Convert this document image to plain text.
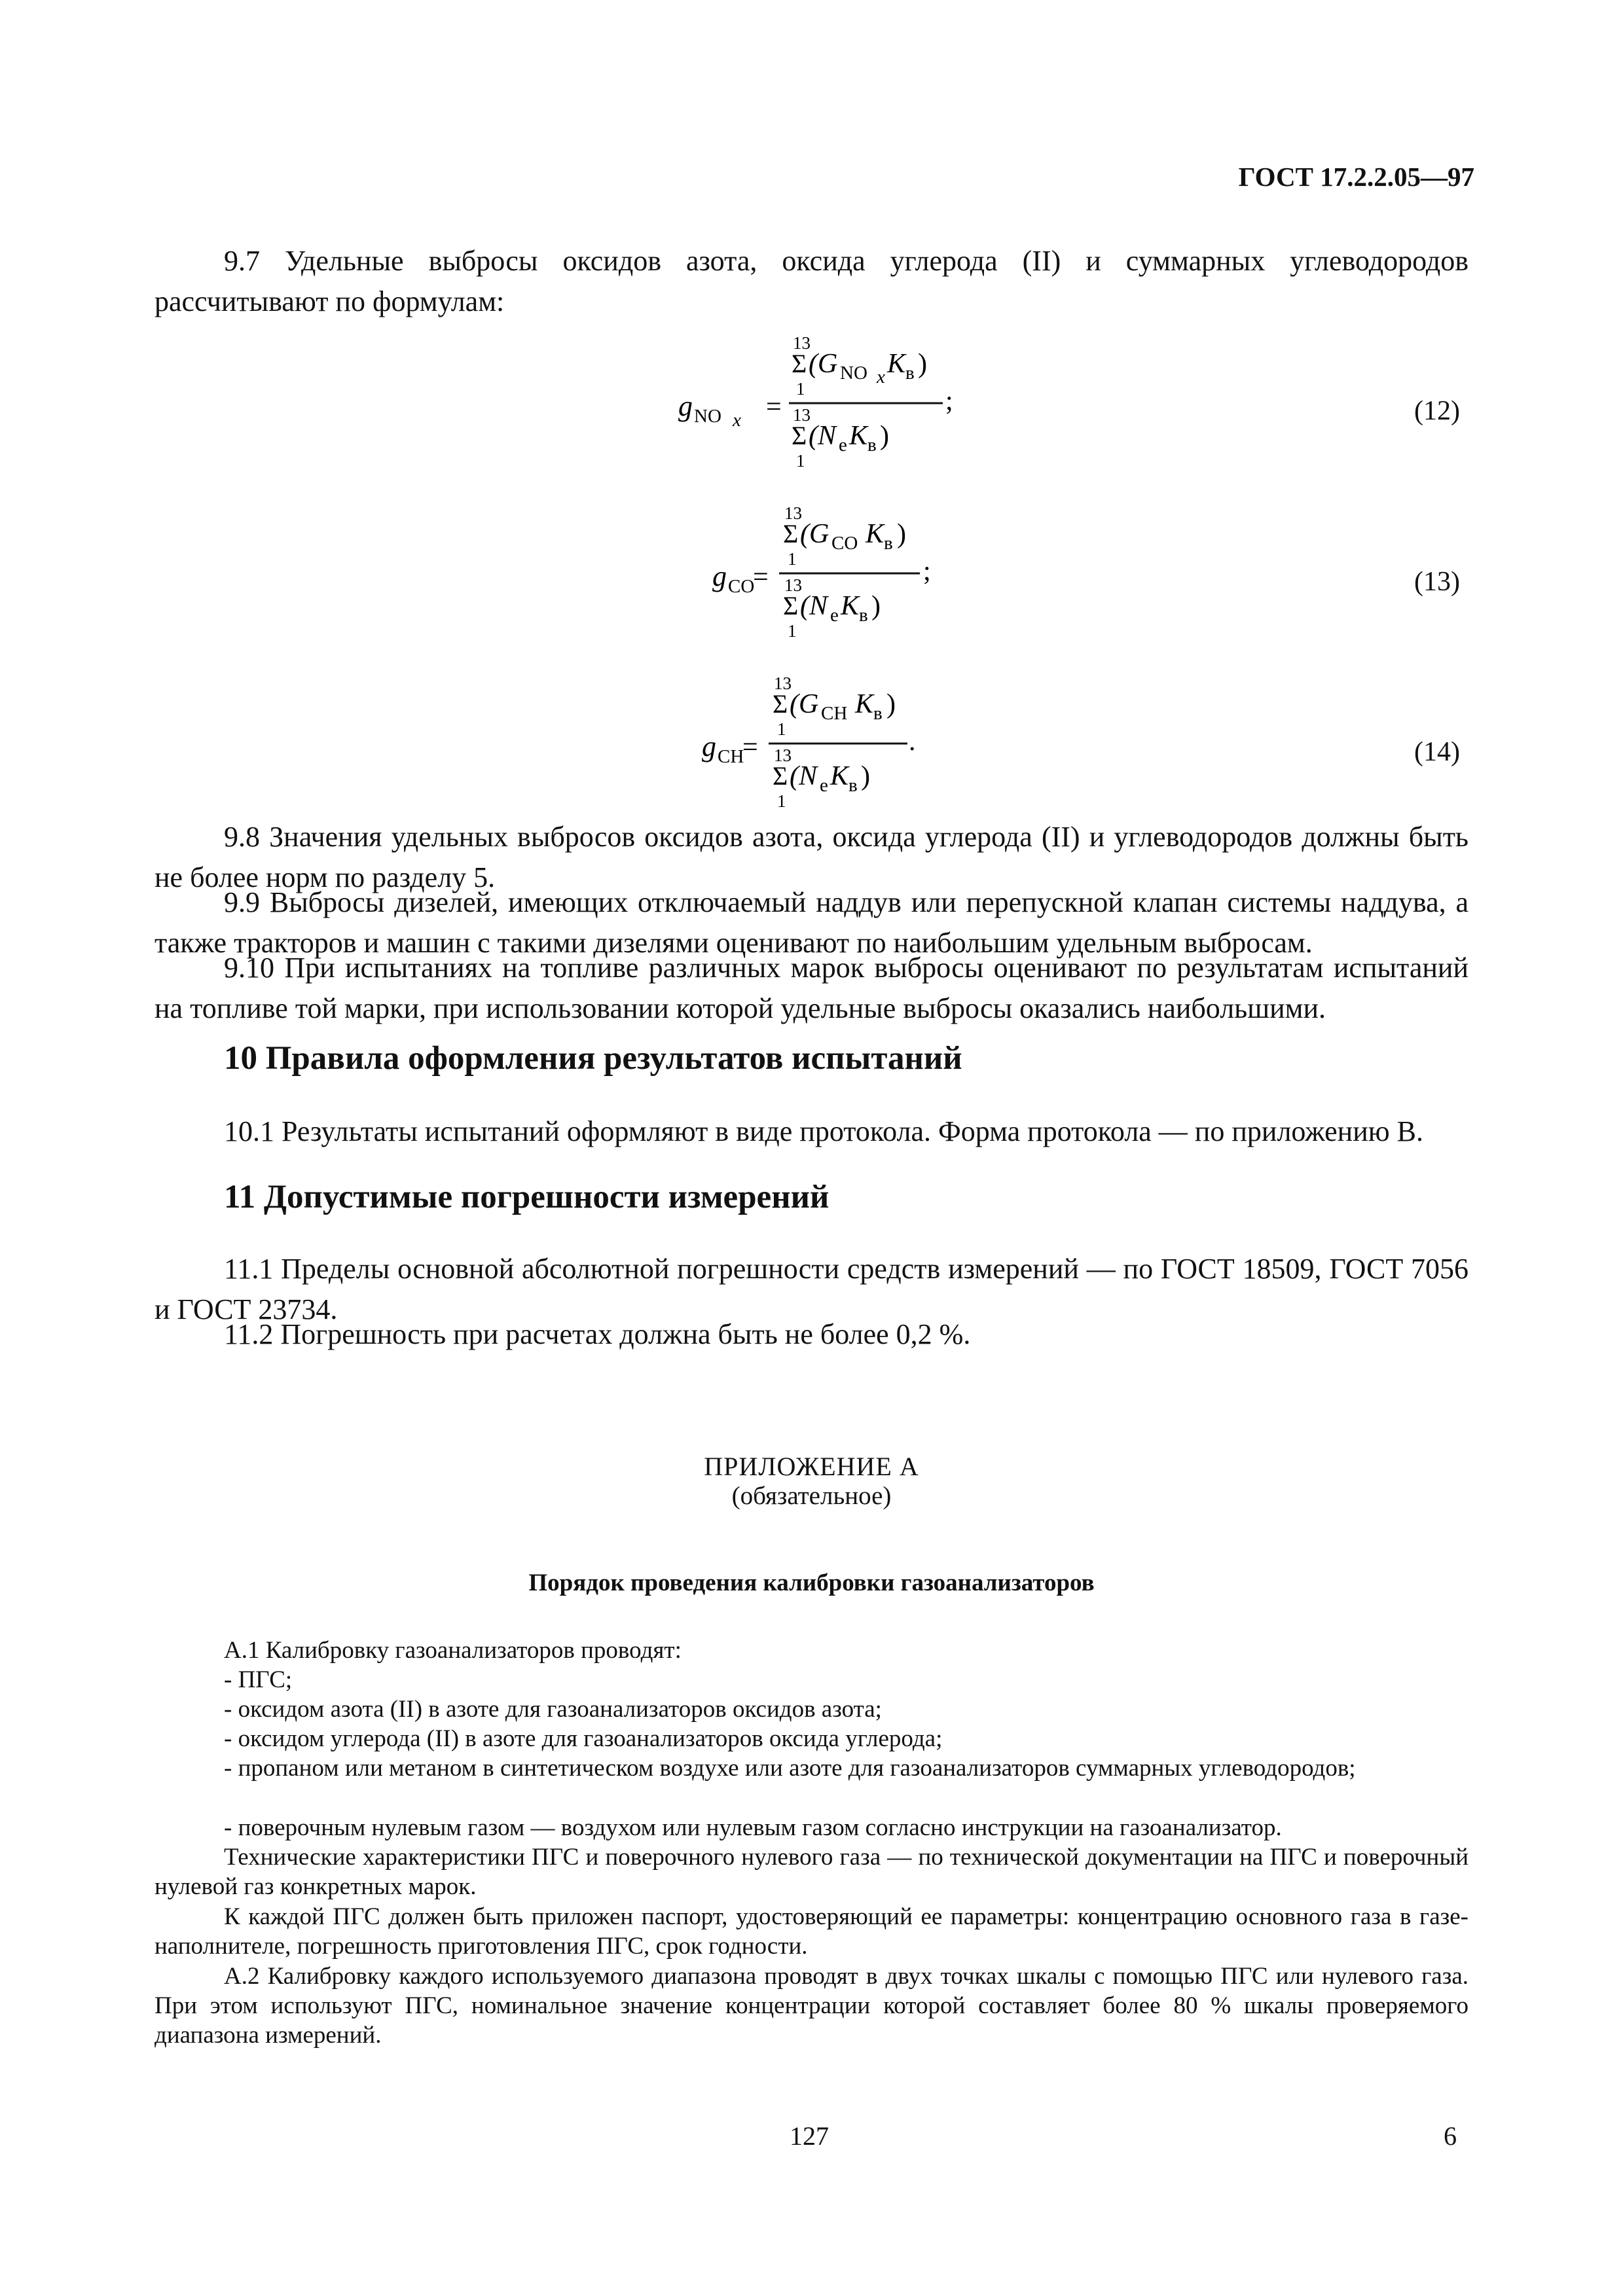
ГОСТ 17.2.2.05—97

9.7 Удельные выбросы оксидов азота, оксида углерода (II) и суммарных углеводородов рассчитывают по формулам:

g NO x =
13
Σ (G NO x K в )
1	;
13
Σ (N e K в )
1
(12)
g CO
=
13
Σ (G CO K в )
1	;
13
Σ (N e K в )
1
(13)
g CH
=
13
Σ (G CH K в )
1	.
13
Σ (N e K в )
1
(14)

9.8 Значения удельных выбросов оксидов азота, оксида углерода (II) и углеводородов должны быть не более норм по разделу 5.

9.9 Выбросы дизелей, имеющих отключаемый наддув или перепускной клапан системы наддува, а также тракторов и машин с такими дизелями оценивают по наибольшим удельным выбросам.

9.10 При испытаниях на топливе различных марок выбросы оценивают по результатам испытаний на топливе той марки, при использовании которой удельные выбросы оказались наибольшими.

10 Правила оформления результатов испытаний

10.1 Результаты испытаний оформляют в виде протокола. Форма протокола — по приложению В.

11 Допустимые погрешности измерений

11.1 Пределы основной абсолютной погрешности средств измерений — по ГОСТ 18509, ГОСТ 7056 и ГОСТ 23734.

11.2 Погрешность при расчетах должна быть не более 0,2 %.

ПРИЛОЖЕНИЕ А
(обязательное)
Порядок проведения калибровки газоанализаторов

А.1 Калибровку газоанализаторов проводят:

- ПГС;

- оксидом азота (II) в азоте для газоанализаторов оксидов азота;

- оксидом углерода (II) в азоте для газоанализаторов оксида углерода;

- пропаном или метаном в синтетическом воздухе или азоте для газоанализаторов суммарных углеводородов;

- поверочным нулевым газом — воздухом или нулевым газом согласно инструкции на газоанализатор.

Технические характеристики ПГС и поверочного нулевого газа — по технической документации на ПГС и поверочный нулевой газ конкретных марок.

К каждой ПГС должен быть приложен паспорт, удостоверяющий ее параметры: концентрацию основного газа в газе-наполнителе, погрешность приготовления ПГС, срок годности.

А.2 Калибровку каждого используемого диапазона проводят в двух точках шкалы с помощью ПГС или нулевого газа. При этом используют ПГС, номинальное значение концентрации которой составляет более 80 % шкалы проверяемого диапазона измерений.

127	6
